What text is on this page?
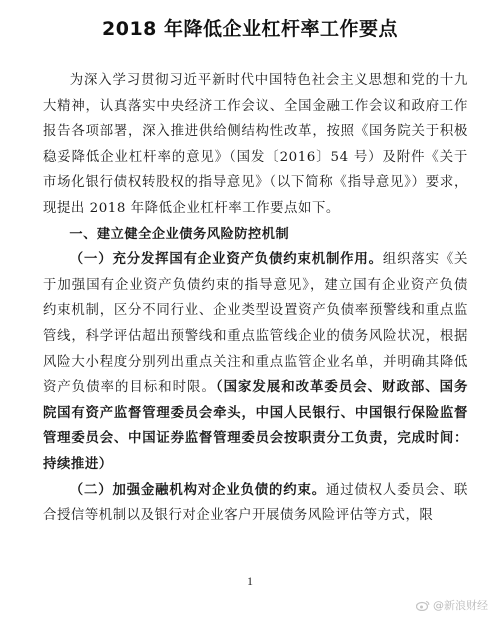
2018 年降低企业杠杆率工作要点

为深入学习贯彻习近平新时代中国特色社会主义思想和党的十九大精神，认真落实中央经济工作会议、全国金融工作会议和政府工作报告各项部署，深入推进供给侧结构性改革，按照《国务院关于积极稳妥降低企业杠杆率的意见》（国发〔2016〕54 号）及附件《关于市场化银行债权转股权的指导意见》（以下简称《指导意见》）要求，现提出 2018 年降低企业杠杆率工作要点如下。

一、建立健全企业债务风险防控机制

（一）充分发挥国有企业资产负债约束机制作用。组织落实《关于加强国有企业资产负债约束的指导意见》，建立国有企业资产负债约束机制，区分不同行业、企业类型设置资产负债率预警线和重点监管线，科学评估超出预警线和重点监管线企业的债务风险状况，根据风险大小程度分别列出重点关注和重点监管企业名单，并明确其降低资产负债率的目标和时限。（国家发展和改革委员会、财政部、国务院国有资产监督管理委员会牵头，中国人民银行、中国银行保险监督管理委员会、中国证券监督管理委员会按职责分工负责，完成时间：持续推进）

（二）加强金融机构对企业负债的约束。通过债权人委员会、联合授信等机制以及银行对企业客户开展债务风险评估等方式，限

1
@新浪财经
